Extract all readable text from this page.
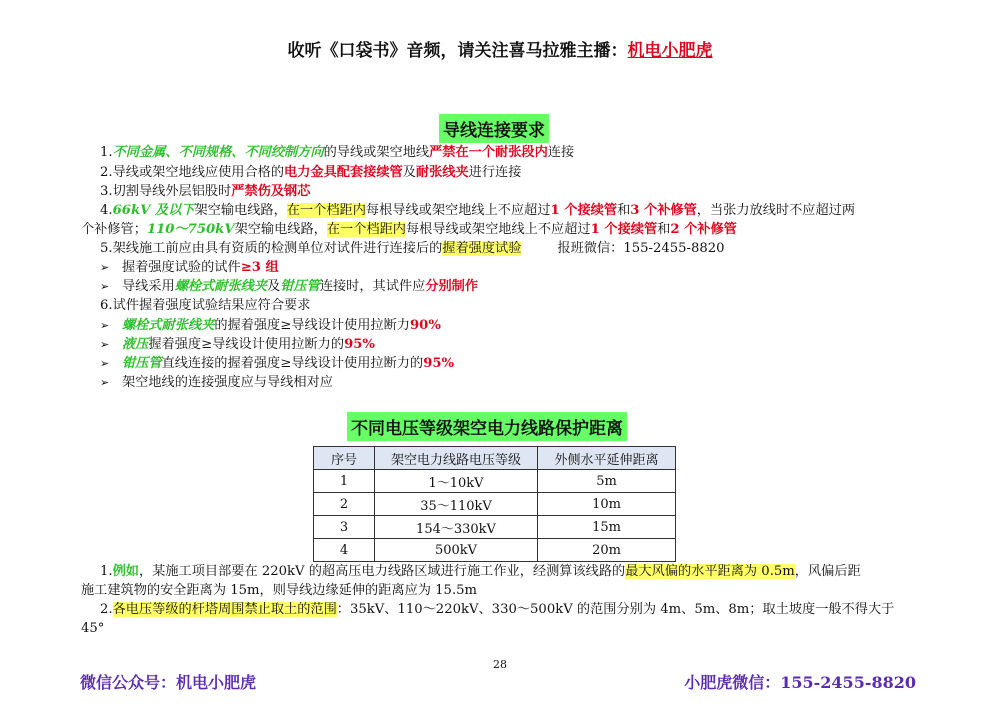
收听《口袋书》音频，请关注喜马拉雅主播：机电小肥虎
导线连接要求
1.不同金属、不同规格、不同绞制方向的导线或架空地线严禁在一个耐张段内连接
2.导线或架空地线应使用合格的电力金具配套接续管及耐张线夹进行连接
3.切割导线外层铝股时严禁伤及钢芯
4.66kV 及以下架空输电线路，在一个档距内每根导线或架空地线上不应超过1 个接续管和3 个补修管，当张力放线时不应超过两
个补修管；110～750kV架空输电线路，在一个档距内每根导线或架空地线上不应超过1 个接续管和2 个补修管
5.架线施工前应由具有资质的检测单位对试件进行连接后的握着强度试验	报班微信：155-2455-8820
➢ 握着强度试验的试件≥3 组
➢ 导线采用螺栓式耐张线夹及钳压管连接时，其试件应分别制作
6.试件握着强度试验结果应符合要求
➢ 螺栓式耐张线夹的握着强度≥导线设计使用拉断力90%
➢ 液压握着强度≥导线设计使用拉断力的95%
➢ 钳压管直线连接的握着强度≥导线设计使用拉断力的95%
➢ 架空地线的连接强度应与导线相对应
不同电压等级架空电力线路保护距离
序号	架空电力线路电压等级	外侧水平延伸距离
1	1～10kV	5m
2	35～110kV	10m
3	154～330kV	15m
4	500kV	20m
1.例如，某施工项目部要在 220kV 的超高压电力线路区域进行施工作业，经测算该线路的最大风偏的水平距离为 0.5m，风偏后距
施工建筑物的安全距离为 15m，则导线边缘延伸的距离应为 15.5m
2.各电压等级的杆塔周围禁止取土的范围：35kV、110～220kV、330～500kV 的范围分别为 4m、5m、8m；取土坡度一般不得大于
45°
28
微信公众号：机电小肥虎	小肥虎微信：155-2455-8820
